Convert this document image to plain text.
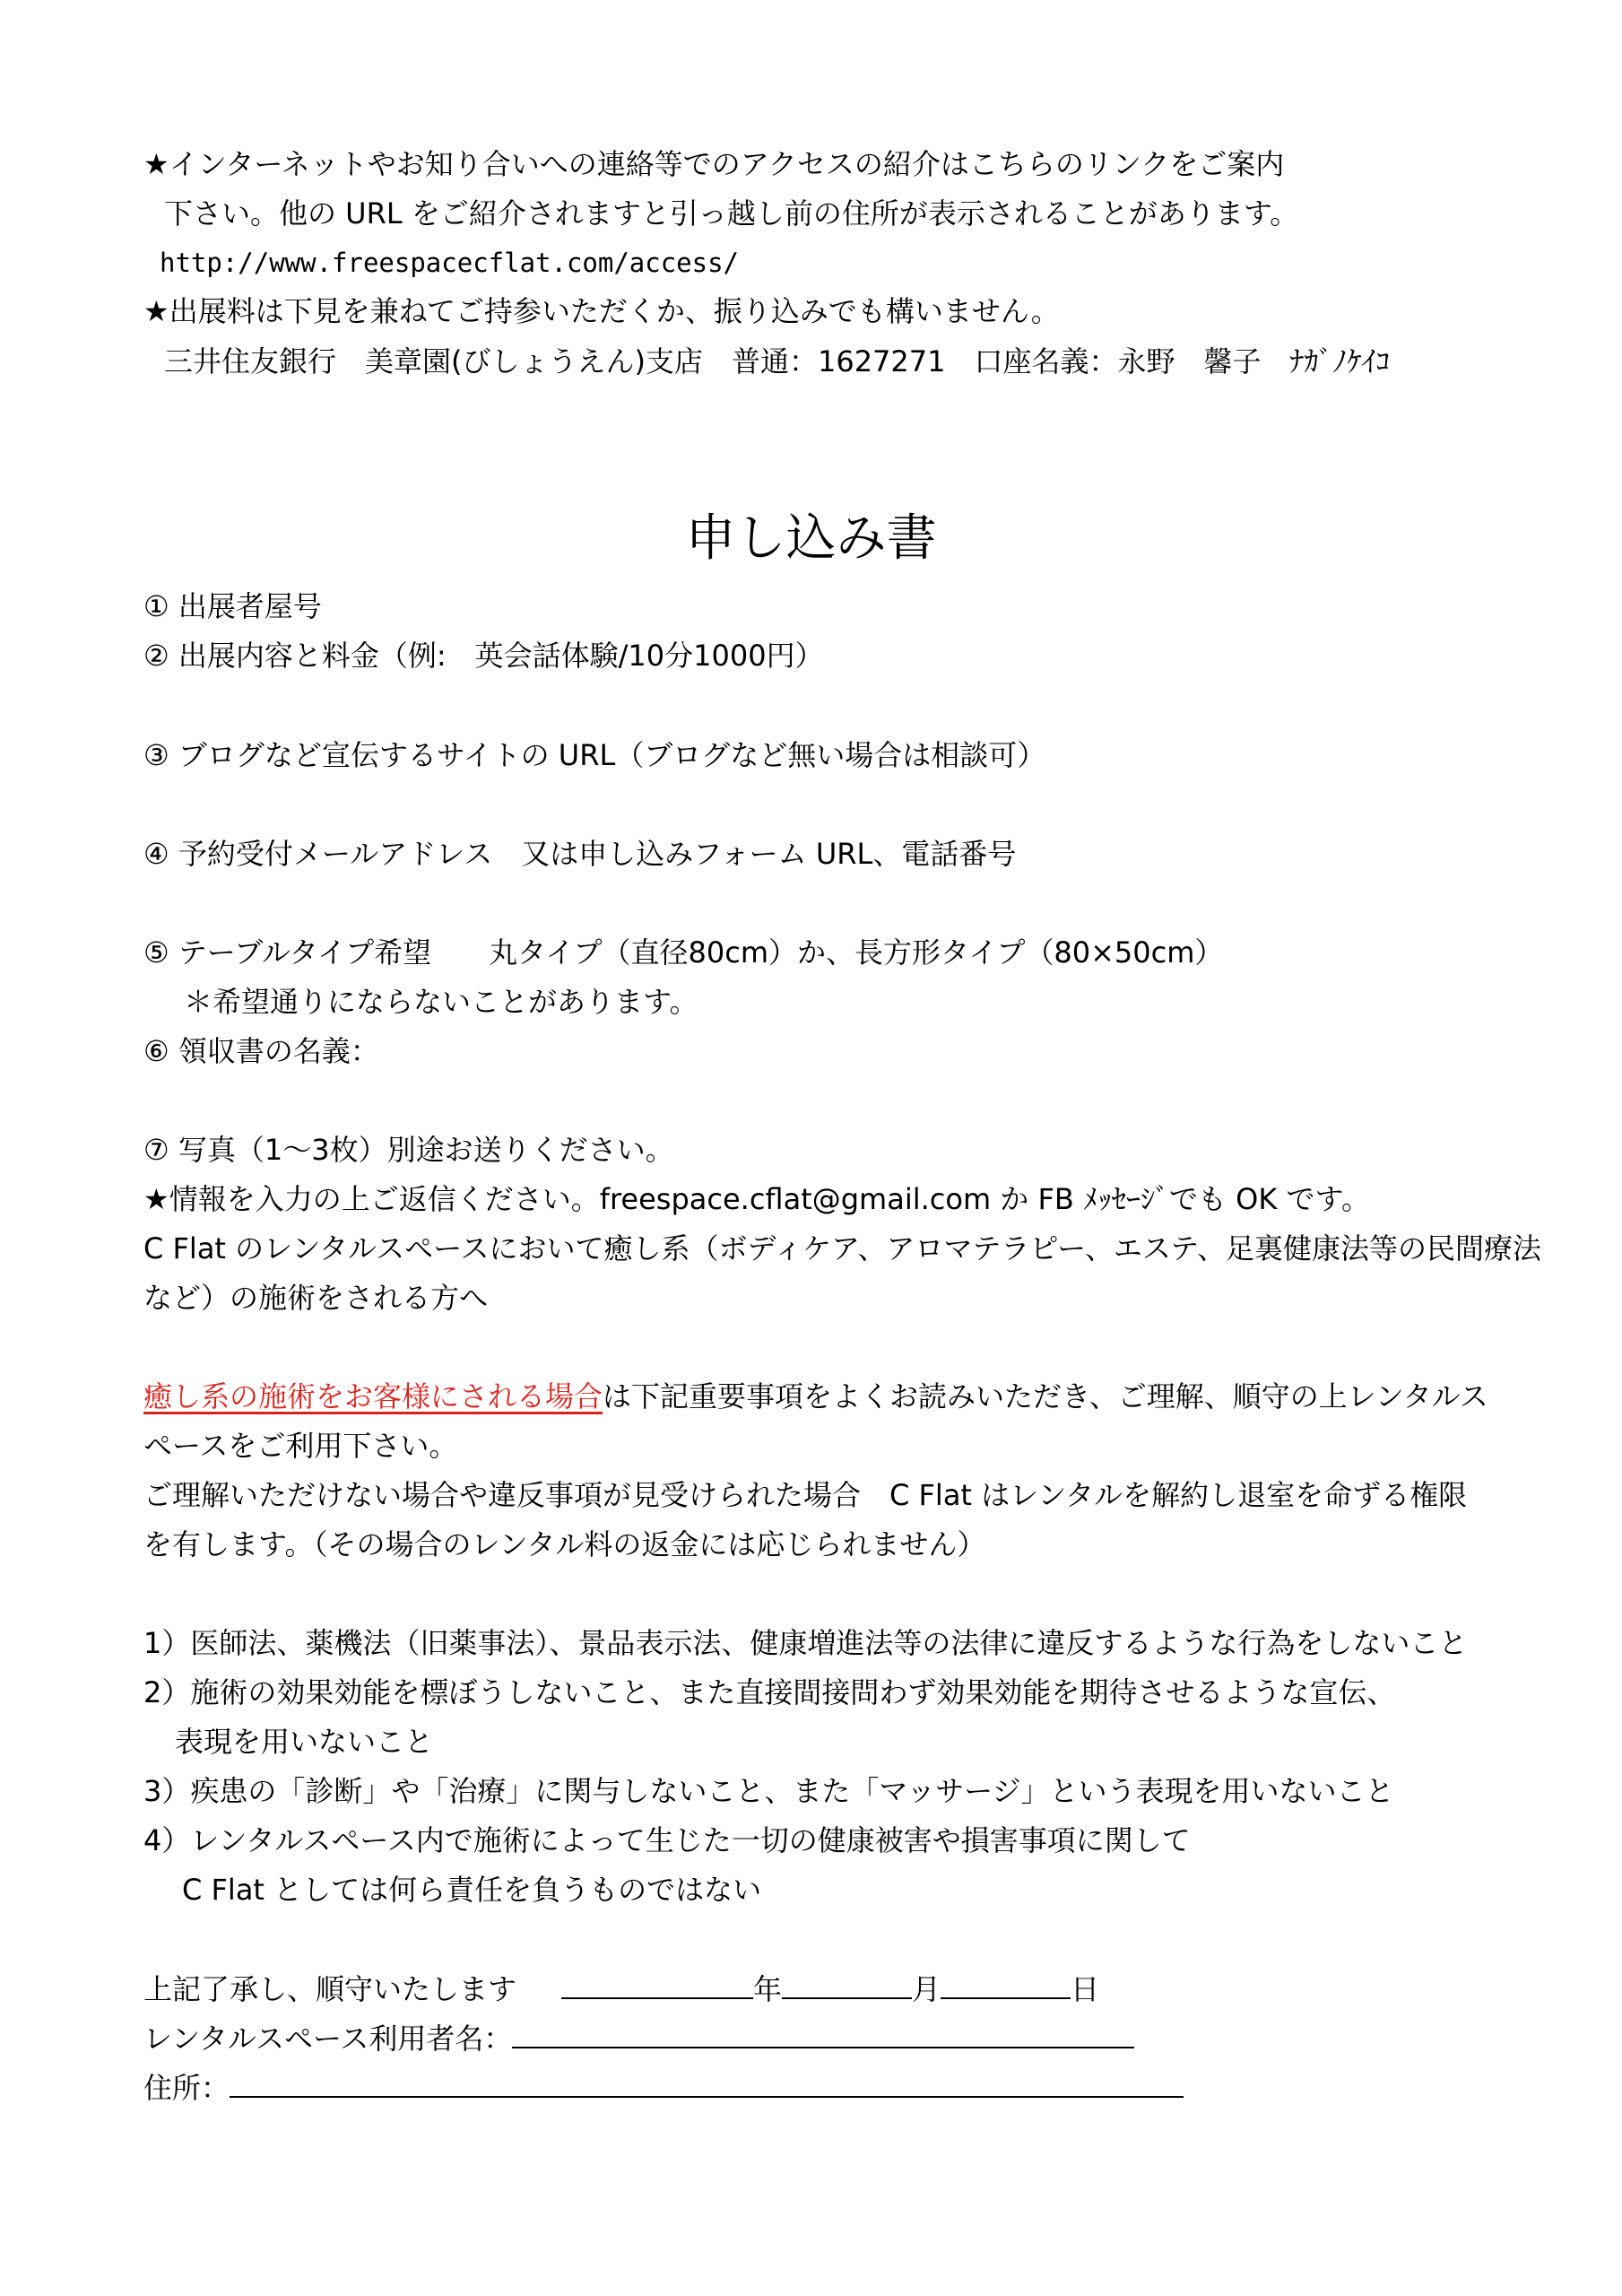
★インターネットやお知り合いへの連絡等でのアクセスの紹介はこちらのリンクをご案内
下さい。他の URL をご紹介されますと引っ越し前の住所が表示されることがあります。
http://www.freespacecflat.com/access/
★出展料は下見を兼ねてご持参いただくか、振り込みでも構いません。
三井住友銀行　美章園(びしょうえん)支店　普通：1627271　口座名義：永野　馨子　ﾅｶﾞﾉｹｲｺ
申し込み書
① 出展者屋号
② 出展内容と料金（例:　英会話体験/10分1000円）
③ ブログなど宣伝するサイトの URL（ブログなど無い場合は相談可）
④ 予約受付メールアドレス　又は申し込みフォーム URL、電話番号
⑤ テーブルタイプ希望　　丸タイプ（直径80cm）か、長方形タイプ（80×50cm）
＊希望通りにならないことがあります。
⑥ 領収書の名義：
⑦ 写真（1～3枚）別途お送りください。
★情報を入力の上ご返信ください。freespace.cflat@gmail.com か FB ﾒｯｾｰｼﾞでも OK です。
C Flat のレンタルスペースにおいて癒し系（ボディケア、アロマテラピー、エステ、足裏健康法等の民間療法
など）の施術をされる方へ
癒し系の施術をお客様にされる場合は下記重要事項をよくお読みいただき、ご理解、順守の上レンタルス
ペースをご利用下さい。
ご理解いただけない場合や違反事項が見受けられた場合　C Flat はレンタルを解約し退室を命ずる権限
を有します。（その場合のレンタル料の返金には応じられません）
1）医師法、薬機法（旧薬事法）、景品表示法、健康増進法等の法律に違反するような行為をしないこと
2）施術の効果効能を標ぼうしないこと、また直接間接問わず効果効能を期待させるような宣伝、
表現を用いないこと
3）疾患の「診断」や「治療」に関与しないこと、また「マッサージ」という表現を用いないこと
4）レンタルスペース内で施術によって生じた一切の健康被害や損害事項に関して
C Flat としては何ら責任を負うものではない
上記了承し、順守いたします	年	月	日
レンタルスペース利用者名：
住所：
